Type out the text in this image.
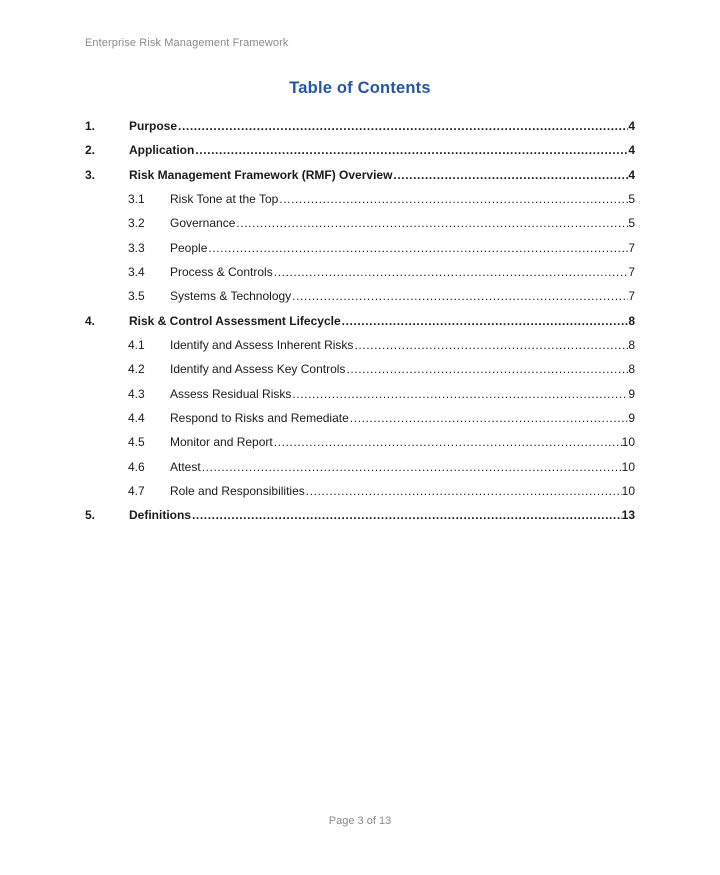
Enterprise Risk Management Framework
Table of Contents
1.	Purpose .....	4
2.	Application .....	4
3.	Risk Management Framework (RMF) Overview .....	4
3.1	Risk Tone at the Top .....	5
3.2	Governance .....	5
3.3	People .....	7
3.4	Process & Controls .....	7
3.5	Systems & Technology .....	7
4.	Risk & Control Assessment Lifecycle .....	8
4.1	Identify and Assess Inherent Risks .....	8
4.2	Identify and Assess Key Controls .....	8
4.3	Assess Residual Risks .....	9
4.4	Respond to Risks and Remediate .....	9
4.5	Monitor and Report .....	10
4.6	Attest .....	10
4.7	Role and Responsibilities .....	10
5.	Definitions .....	13
Page 3 of 13
